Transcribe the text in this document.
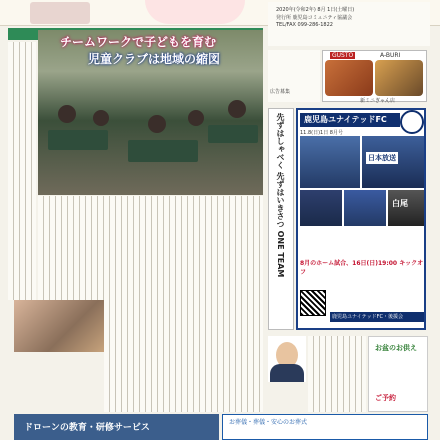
2020年(令和2年) 8月 1日(土曜日)
発行所 鹿児島コミュニティ協議会
TEL/FAX 099-286-1822
チームワークで子どもを育む
児童クラブは地域の縮図
広告募集
GUSTO	A-BURI
新ミニぎゃん店
先ずはしゃべく 先ずはいきさつ ONE TEAM	鹿児島ユナイテッドFC
11.8(日)1日 8月号
日本放送
白尾
8月のホーム試合、16日(日)19:00 キックオフ
鹿児島ユナイテッドFC・後援会
お盆のお供え
ご予約
ドローンの教育・研修サービス
お葬儀・葬儀・安心のお葬式
